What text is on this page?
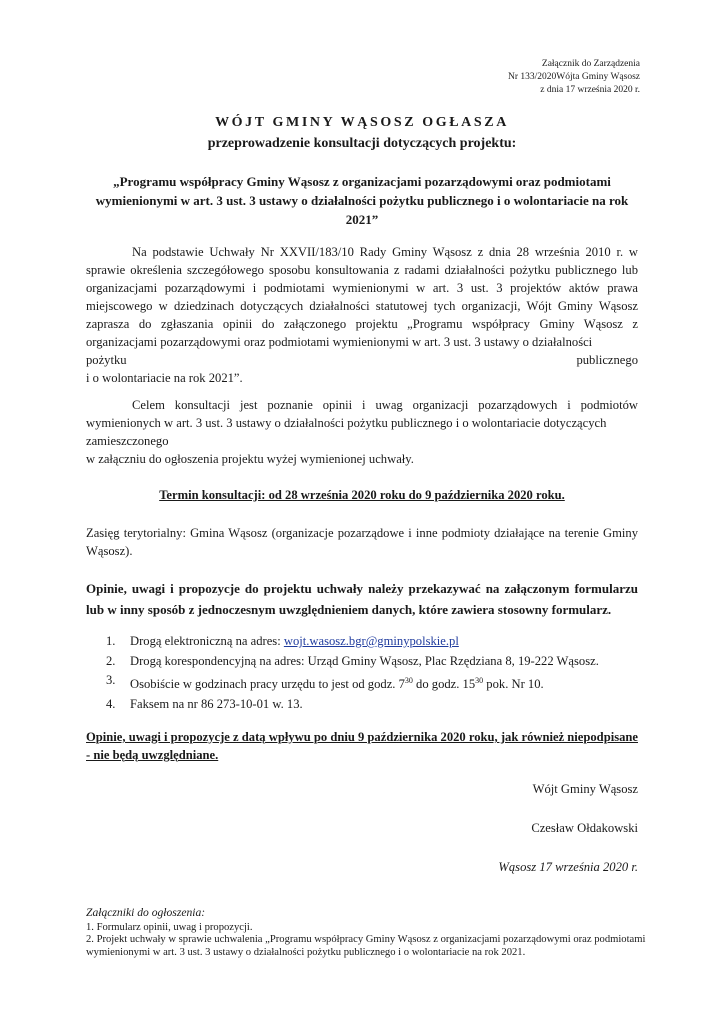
Załącznik do Zarządzenia
Nr 133/2020Wójta Gminy Wąsosz
z dnia 17 września 2020 r.
WÓJT GMINY WĄSOSZ OGŁASZA
przeprowadzenie konsultacji dotyczących projektu:
„Programu współpracy Gminy Wąsosz z organizacjami pozarządowymi oraz podmiotami
wymienionymi w art. 3 ust. 3 ustawy o działalności pożytku publicznego i o wolontariacie na rok
2021”
Na podstawie Uchwały Nr XXVII/183/10 Rady Gminy Wąsosz z dnia 28 września 2010 r. w sprawie określenia szczegółowego sposobu konsultowania z radami działalności pożytku publicznego lub organizacjami pozarządowymi i podmiotami wymienionymi w art. 3 ust. 3 projektów aktów prawa miejscowego w dziedzinach dotyczących działalności statutowej tych organizacji, Wójt Gminy Wąsosz zaprasza do zgłaszania opinii do załączonego projektu „Programu współpracy Gminy Wąsosz z organizacjami pozarządowymi oraz podmiotami wymienionymi w art. 3 ust. 3 ustawy o działalności
pożytku	publicznego
i o wolontariacie na rok 2021”.
Celem konsultacji jest poznanie opinii i uwag organizacji pozarządowych i podmiotów wymienionych w art. 3 ust. 3 ustawy o działalności pożytku publicznego i o wolontariacie dotyczących
zamieszczonego
w załączniu do ogłoszenia projektu wyżej wymienionej uchwały.
Termin konsultacji: od 28 września 2020 roku do 9 października 2020 roku.
Zasięg terytorialny: Gmina Wąsosz (organizacje pozarządowe i inne podmioty działające na terenie Gminy Wąsosz).
Opinie, uwagi i propozycje do projektu uchwały należy przekazywać na załączonym formularzu lub w inny sposób z jednoczesnym uwzględnieniem danych, które zawiera stosowny formularz.
1.	Drogą elektroniczną na adres: wojt.wasosz.bgr@gminypolskie.pl
2.	Drogą korespondencyjną na adres: Urząd Gminy Wąsosz, Plac Rzędziana 8, 19-222 Wąsosz.
3.	Osobiście w godzinach pracy urzędu to jest od godz. $7^{30}$ do godz. $15^{30}$ pok. Nr 10.
4.	Faksem na nr 86 273-10-01 w. 13.
Opinie, uwagi i propozycje z datą wpływu po dniu 9 października 2020 roku, jak również niepodpisane - nie będą uwzględniane.
Wójt Gminy Wąsosz
Czesław Ołdakowski
Wąsosz 17 września 2020 r.
Załączniki do ogłoszenia:
1. Formularz opinii, uwag i propozycji.
2. Projekt uchwały w sprawie uchwalenia „Programu współpracy Gminy Wąsosz z organizacjami pozarządowymi oraz podmiotami wymienionymi w art. 3 ust. 3 ustawy o działalności pożytku publicznego i o wolontariacie na rok 2021.
